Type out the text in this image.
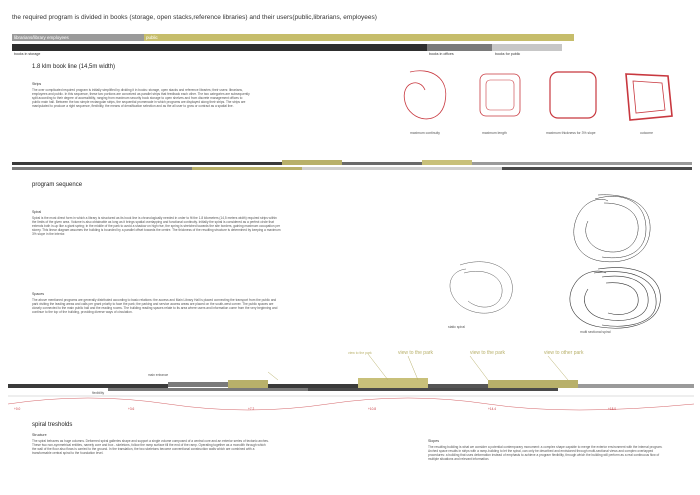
the required program is divided in books (storage, open stacks,reference libraries) and their users(public,librarians, employees)
librarians/library employees	public
books in storage	books in offices	books for public
1.8 klm book line (14,5m width)
Strips
The over complicated required program is initially simplified by dividing it in books: storage, open stacks and reference libraries; their users: librarians, employees and public. In this sequence, these two portions are conceived as parallel strips that feedback each other. The two categories are subsequently split according to their degree of accessibility, ranging from maximum security book storage to open shelves and from discrete management offices to public main hall. Between the two simple rectangular strips, the sequential promenade in which programs are displayed along their strips. The strips are manipulated to produce a right sequence, flexibility, the means of densification selection and as the all user to grow or contract as a spatial line.
maximum continuity	maximum length	maximum thickness for 3% slope	outcome
program sequence
Spiral
Spiral is the most direct form in which a library is structured as its book line is chronologically needed in order to fit the 1.8 kilometers (14,5 meters width) required strips within the limits of the given area. Volume is also obtainable as long as it brings spatial overlapping and functional continuity. Initially the spiral is considered as a perfect circle that extends both in-up like a giant spring; in the middle of the park to avoid a shadow on high rise, the spring is stretched towards the site borders, gaining maximum occupation per storey. This linear diagram assumes the building is bounded by a parallel offset towards the centre. The thickness of the resulting structure is determined by keeping a maximum 3% slope in the interior.
Spaces
The above mentioned programs are generally distributed according to basic relations: the access and Main Library Hall is placed connecting the transport from the public and park visiting the leading areas and calls per grant priority to face the park; the parking and service access areas are placed on the south-west corner. The public spaces are closely connected to the main public hall and the reading rooms. The building reading spaces relate to its area where users and information come from the very beginning and continue to the top of the building, providing diverse ways of circulation.
static spiral
multi sectional spiral
+0.0	+3.6	+7.2	+10.8	+14.4	+18.0
view to the park	view to the park	view to the park	view to other park
main entrance
flexibility
spiral tresholds
Structure
The spiral behaves as huge columns. Deformed spiral galleries shape and support a single volume composed of a central core and an exterior series of tectonic arches. These two non-symmetrical entities, namely core and box - skeletons, follow the ramp surface till the end of the ramp. Operating together as a monolith through which the wall of the floor also flows is carried to the ground. In the translation, the two skeletons become conventional construction walls which are combined with a transformable central spiral to the foundation level.
Slopes
The resulting building is what we consider a potential contemporary monument: a complex shape capable to merge the exterior environment with the internal program. Arched space results in strips with a ramp-building to let the spiral, can only be described and envisioned through multi-sectional views and complex overlapped procedures: a building that uses deformation instead of emphasis to achieve a program flexibility, through which the building will perform as a real continuous flow of multiple situations and relevant information.
